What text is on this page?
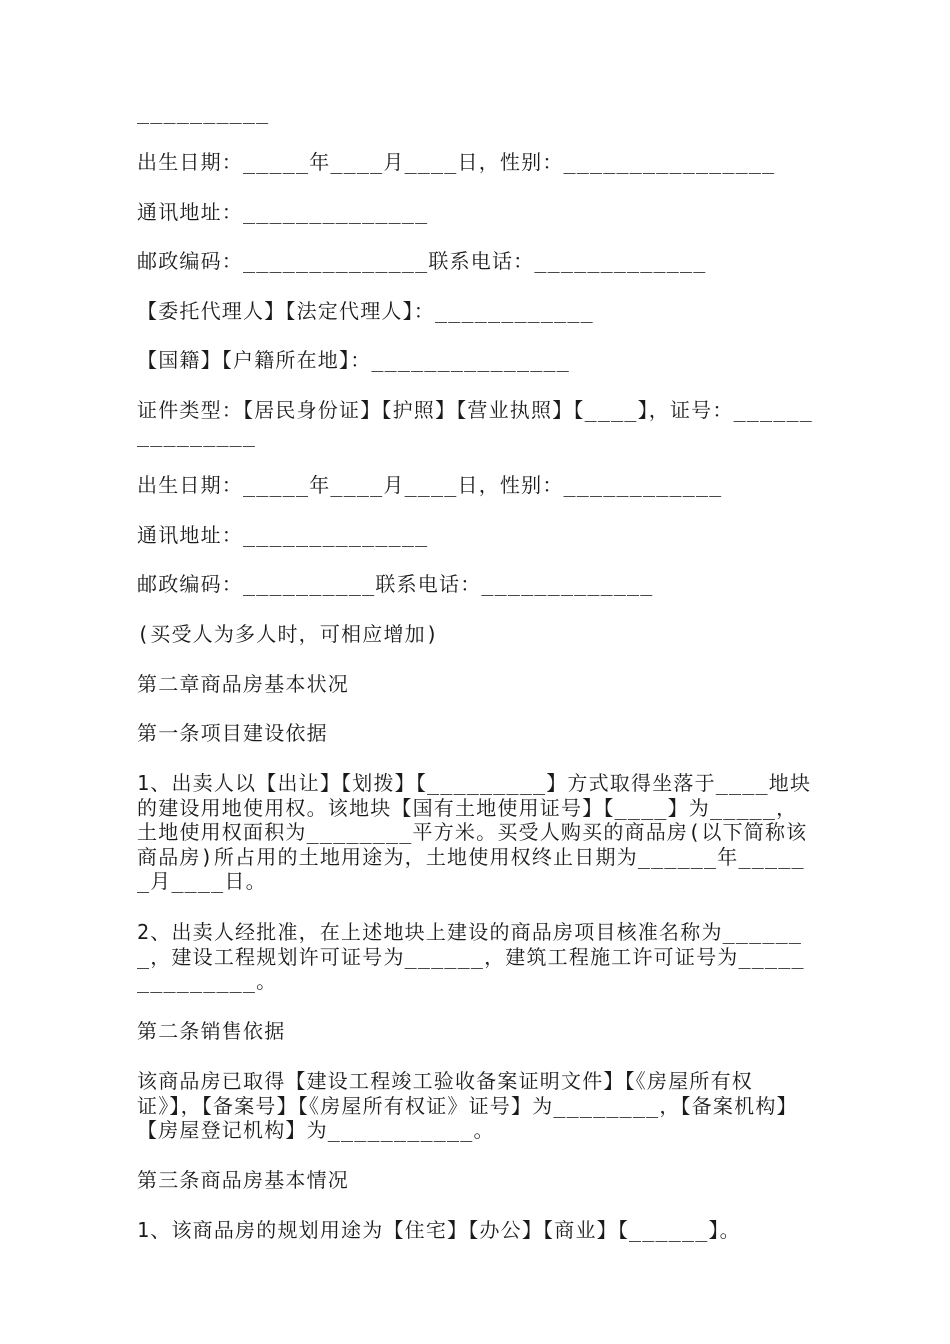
__________

出生日期：_____年____月____日，性别：________________

通讯地址：______________

邮政编码：______________联系电话：_____________

【委托代理人】【法定代理人】：____________

【国籍】【户籍所在地】：_______________

证件类型：【居民身份证】【护照】【营业执照】【____】，证号：_______________

出生日期：_____年____月____日，性别：____________

通讯地址：______________

邮政编码：__________联系电话：_____________

(买受人为多人时，可相应增加)

第二章商品房基本状况

第一条项目建设依据

1、出卖人以【出让】【划拨】【_________】方式取得坐落于____地块的建设用地使用权。该地块【国有土地使用证号】【____】为_____，土地使用权面积为________平方米。买受人购买的商品房(以下简称该商品房)所占用的土地用途为，土地使用权终止日期为______年______月____日。

2、出卖人经批准，在上述地块上建设的商品房项目核准名称为_______，建设工程规划许可证号为______，建筑工程施工许可证号为______________。

第二条销售依据

该商品房已取得【建设工程竣工验收备案证明文件】【《房屋所有权证》】，【备案号】【《房屋所有权证》证号】为________，【备案机构】【房屋登记机构】为___________。

第三条商品房基本情况

1、该商品房的规划用途为【住宅】【办公】【商业】【______】。
